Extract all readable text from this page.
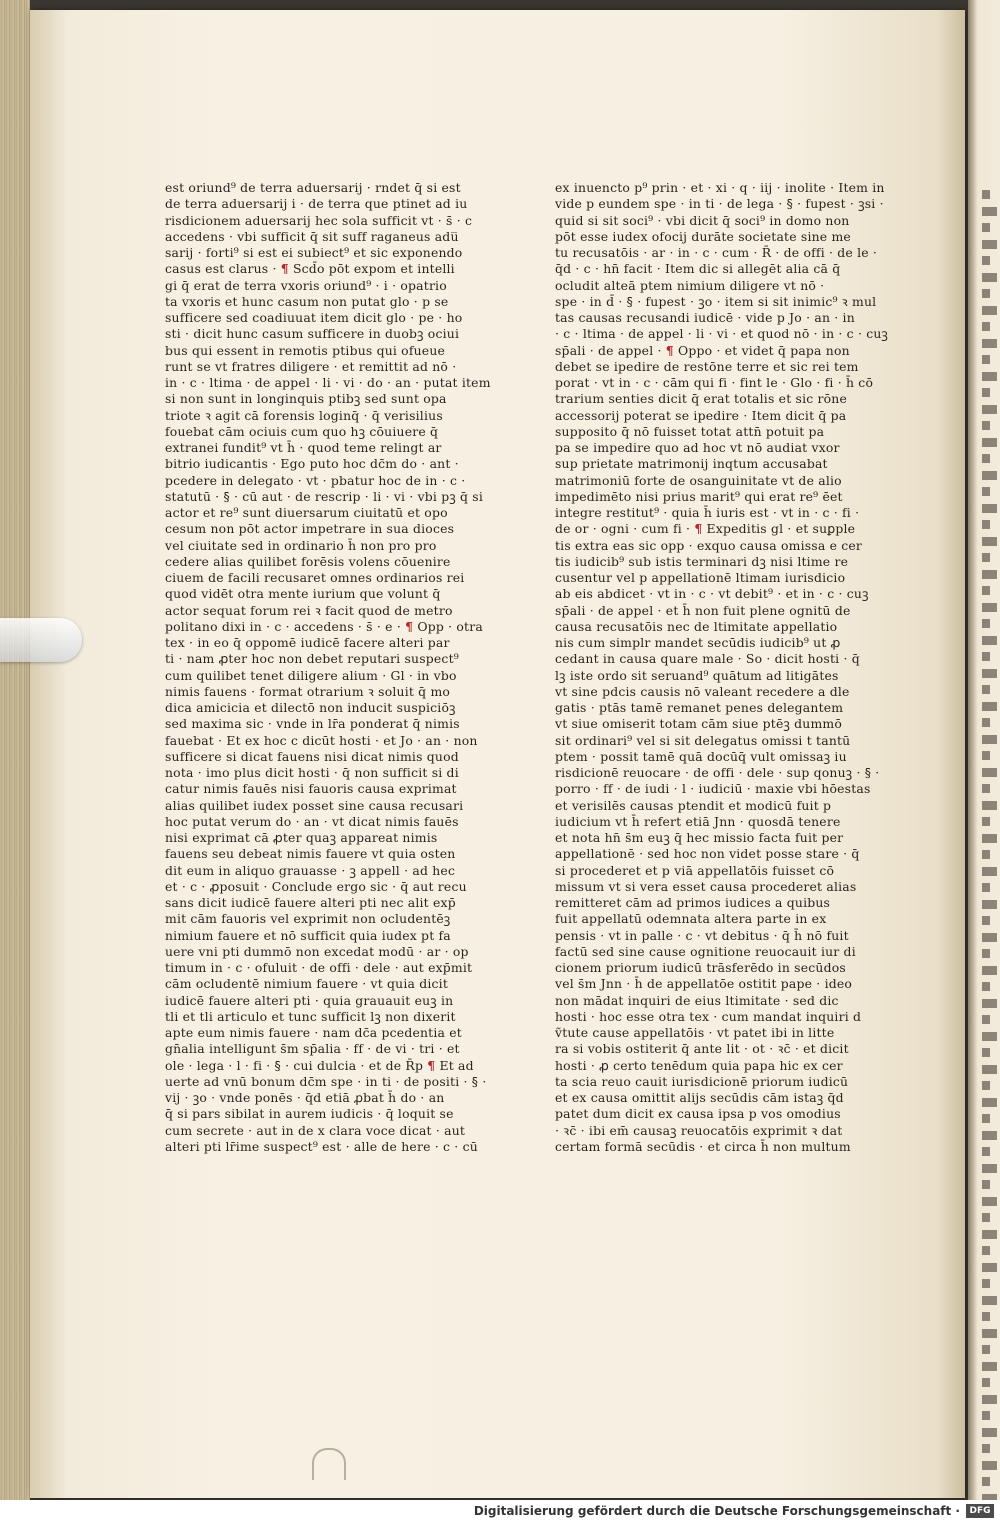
est oriund⁹ de terra aduersarij · rndet q̄ si est
de terra aduersarij i · de terra que ptinet ad iu
risdicionem aduersarij hec sola sufficit vt · s̄ · c
accedens · vbi sufficit q̄ sit suff raganeus adu̅
sarij · forti⁹ si est ei subiect⁹ et sic exponendo
casus est clarus · ¶ Scd̄o pōt expom et intelli
gi q̄ erat de terra vxoris oriund⁹ · i · opatrio
ta vxoris et hunc casum non putat glo · p se
sufficere sed coadiuuat item dicit glo · pe · ho
sti · dicit hunc casum sufficere in duobꝫ ociui
bus qui essent in remotis ptibus qui ofueue
runt se vt fratres diligere · et remittit ad nō ·
in · c · ltima · de appel · li · vi · do · an · putat item
si non sunt in longinquis ptibꝫ sed sunt opa
triote ꝛ agit cā forensis loginq̄ · q̄ verisilius
fouebat cām ociuis cum quo hꝫ cōuiuere q̄
extranei fundit⁹ vt h̄ · quod teme relingt ar
bitrio iudicantis · Ego puto hoc dc̄m do · ant ·
pcedere in delegato · vt · pbatur hoc de in · c ·
statutū · §̄ · cū aut · de rescrip · li · vi · vbi pꝫ q̄ si
actor et re⁹ sunt diuersarum ciuitatū et opo
cesum non pōt actor impetrare in sua dioces
vel ciuitate sed in ordinario h̄ non pro pro
cedere alias quilibet forēsis volens cōuenire
ciuem de facili recusaret omnes ordinarios rei
quod vidēt otra mente iurium que volunt q̄
actor sequat forum rei ꝛ facit quod de metro
politano dixi in · c · accedens · s̄ · e · ¶ Opp · otra
tex · in eo q̄ oppomē iudicē facere alteri par
ti · nam ꝓter hoc non debet reputari suspect⁹
cum quilibet tenet diligere alium · Gl · in vbo
nimis fauens · format otrarium ꝛ soluit q̄ mo
dica amicicia et dilectō non inducit suspiciōꝫ
sed maxima sic · vnde in lr̄a ponderat q̄ nimis
fauebat · Et ex hoc c dicūt hosti · et Jo · an · non
sufficere si dicat fauens nisi dicat nimis quod
nota · imo plus dicit hosti · q̄ non sufficit si di
catur nimis fauēs nisi fauoris causa exprimat
alias quilibet iudex posset sine causa recusari
hoc putat verum do · an · vt dicat nimis fauēs
nisi exprimat cā ꝓter quaꝫ appareat nimis
fauens seu debeat nimis fauere vt quia osten
dit eum in aliquo grauasse · ꝫ appell · ad hec
et · c · ꝓposuit · Conclude ergo sic · q̄ aut recu
sans dicit iudicē fauere alteri pti nec alit exp̄
mit cām fauoris vel exprimit non ocludentēꝫ
nimium fauere et nō sufficit quia iudex pt fa
uere vni pti dummō non excedat modū · ar · op
timum in · c · ofuluit · de offi · dele · aut exp̄mit
cām ocludentē nimium fauere · vt quia dicit
iudicē fauere alteri pti · quia grauauit euꝫ in
tli et tli articulo et tunc sufficit lꝫ non dixerit
apte eum nimis fauere · nam dc̄a pcedentia et
gn̄alia intelligunt s̄m sp̄alia · ff · de vi · tri · et
ole · lega · l · fi · §̄ · cui dulcia · et de R̄p ¶ Et ad
uerte ad vnū bonum dc̄m spe · in ti · de positi · §̄ ·
vij · ꝫo · vnde ponēs · q̄d etiā ꝓbat h̄ do · an
q̄ si pars sibilat in aurem iudicis · q̄ loquit se
cum secrete · aut in de x clara voce dicat · aut
alteri pti lr̄ime suspect⁹ est · alle de here · c · cū
ex inuencto p⁹ prin · et · xi · q · iij · inolite · Item in
vide p eundem spe · in ti · de lega · §̄ · fupest · ꝫsi ·
quid si sit soci⁹ · vbi dicit q̄ soci⁹ in domo non
pōt esse iudex ofocij durāte societate sine me
tu recusatōis · ar · in · c · cum · R̄ · de offi · de le ·
q̄d · c · hn̄ facit · Item dic si allegēt alia cā q̄
ocludit alteā ptem nimium diligere vt nō ·
spe · in d̄ · §̄ · fupest · ꝫo · item si sit inimic⁹ ꝛ mul
tas causas recusandi iudicē · vide p Jo · an · in
· c · ltima · de appel · li · vi · et quod nō · in · c · cuꝫ
sp̄ali · de appel · ¶ Oppo · et videt q̄ papa non
debet se ipedire de restōne terre et sic rei tem
porat · vt in · c · cām qui fi · fint le · Glo · fi · h̄ cō
trarium senties dicit q̄ erat totalis et sic rōne
accessorij poterat se ipedire · Item dicit q̄ pa
supposito q̄ nō fuisset totat attn̄ potuit pa
pa se impedire quo ad hoc vt nō audiat vxor
sup prietate matrimonij inqtum accusabat
matrimoniū forte de osanguinitate vt de alio
impedimēto nisi prius marit⁹ qui erat re⁹ ēet
integre restitut⁹ · quia h̄ iuris est · vt in · c · fi ·
de or · ogni · cum fi · ¶ Expeditis gl · et suꝑple
tis extra eas sic opp · exquo causa omissa e cer
tis iudicib⁹ sub istis terminari dꝫ nisi ltime re
cusentur vel p appellationē ltimam iurisdicio
ab eis abdicet · vt in · c · vt debit⁹ · et in · c · cuꝫ
sp̄ali · de appel · et h̄ non fuit plene ognitū de
causa recusatōis nec de ltimitate appellatio
nis cum simplr mandet secūdis iudicib⁹ ut ꝓ
cedant in causa quare male · So · dicit hosti · q̄
lꝫ iste ordo sit seruand⁹ quātum ad litigātes
vt sine pdcis causis nō valeant recedere a dle
gatis · ptās tamē remanet penes delegantem
vt siue omiserit totam cām siue ptēꝫ dummō
sit ordinari⁹ vel si sit delegatus omissi t tantū
ptem · possit tamē quā docūq̄ vult omissaꝫ iu
risdicionē reuocare · de offi · dele · sup qonuꝫ · §̄ ·
porro · ff · de iudi · l · iudiciū · maxie vbi hōestas
et verisilēs causas ptendit et modicū fuit p
iudicium vt h̄ refert etiā Jnn · quosdā tenere
et nota hn̄ s̄m euꝫ q̄ hec missio facta fuit per
appellationē · sed hoc non videt posse stare · q̄
si procederet et p viā appellatōis fuisset cō
missum vt si vera esset causa procederet alias
remitteret cām ad primos iudices a quibus
fuit appellatū odemnata altera parte in ex
pensis · vt in palle · c · vt debitus · q̄ h̄ nō fuit
factū sed sine cause ognitione reuocauit iur di
cionem priorum iudicū trāsferēdo in secūdos
vel s̄m Jnn · h̄ de appellatōe ostitit pape · ideo
non mādat inquiri de eius ltimitate · sed dic
hosti · hoc esse otra tex · cum mandat inquiri d
ṽtute cause appellatōis · vt patet ibi in litte
ra si vobis ostiterit q̄ ante lit · ot · ꝛc̄ · et dicit
hosti · ꝓ certo tenēdum quia papa hic ex cer
ta scia reuo cauit iurisdicionē priorum iudicū
et ex causa omittit alijs secūdis cām istaꝫ q̄d
patet dum dicit ex causa ipsa p vos omodius
· ꝛc̄ · ibi em̄ causaꝫ reuocatōis exprimit ꝛ dat
certam formā secūdis · et circa h̄ non multum
Digitalisierung gefördert durch die Deutsche Forschungsgemeinschaft ·	DFG
